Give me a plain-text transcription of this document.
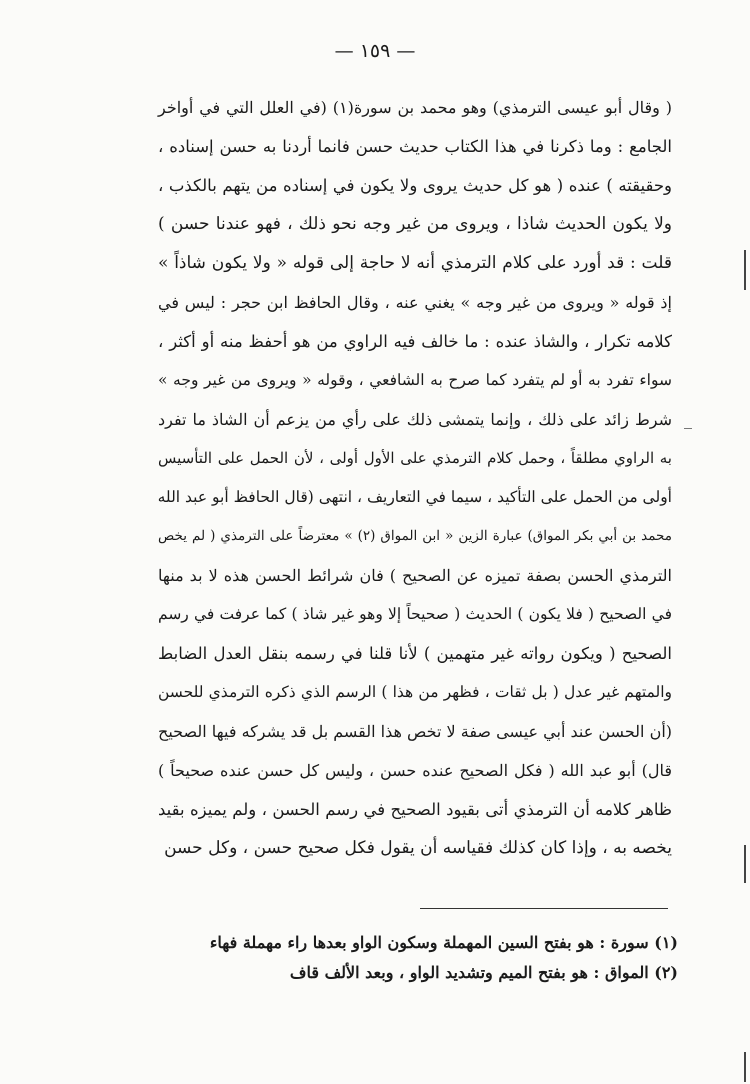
— ١٥٩ —
( وقال أبو عيسى الترمذي) وهو محمد بن سورة(١) (في العلل التي في أواخر
الجامع : وما ذكرنا في هذا الكتاب حديث حسن فانما أردنا به حسن إسناده ،
وحقيقته ) عنده ( هو كل حديث يروى ولا يكون في إسناده من يتهم بالكذب ،
ولا يكون الحديث شاذا ، ويروى من غير وجه نحو ذلك ، فهو عندنا حسن )
قلت : قد أورد على كلام الترمذي أنه لا حاجة إلى قوله « ولا يكون شاذاً »
إذ قوله « ويروى من غير وجه » يغني عنه ، وقال الحافظ ابن حجر : ليس في
كلامه تكرار ، والشاذ عنده : ما خالف فيه الراوي من هو أحفظ منه أو أكثر ،
سواء تفرد به أو لم يتفرد كما صرح به الشافعي ، وقوله « ويروى من غير وجه »
شرط زائد على ذلك ، وإنما يتمشى ذلك على رأي من يزعم أن الشاذ ما تفرد
به الراوي مطلقاً ، وحمل كلام الترمذي على الأول أولى ، لأن الحمل على التأسيس
أولى من الحمل على التأكيد ، سيما في التعاريف ، انتهى (قال الحافظ أبو عبد الله
محمد بن أبي بكر المواق) عبارة الزين « ابن المواق (٢) » معترضاً على الترمذي ( لم يخص
الترمذي الحسن بصفة تميزه عن الصحيح ) فان شرائط الحسن هذه لا بد منها
في الصحيح ( فلا يكون ) الحديث ( صحيحاً إلا وهو غير شاذ ) كما عرفت في رسم
الصحيح ( ويكون رواته غير متهمين ) لأنا قلنا في رسمه بنقل العدل الضابط
والمتهم غير عدل ( بل ثقات ، فظهر من هذا ) الرسم الذي ذكره الترمذي للحسن
(أن الحسن عند أبي عيسى صفة لا تخص هذا القسم بل قد يشركه فيها الصحيح
قال) أبو عبد الله ( فكل الصحيح عنده حسن ، وليس كل حسن عنده صحيحاً )
ظاهر كلامه أن الترمذي أتى بقيود الصحيح في رسم الحسن ، ولم يميزه بقيد
يخصه به ، وإذا كان كذلك فقياسه أن يقول فكل صحيح حسن ، وكل حسن
(١) سورة : هو بفتح السين المهملة وسكون الواو بعدها راء مهملة فهاء
(٢) المواق : هو بفتح الميم وتشديد الواو ، وبعد الألف قاف
